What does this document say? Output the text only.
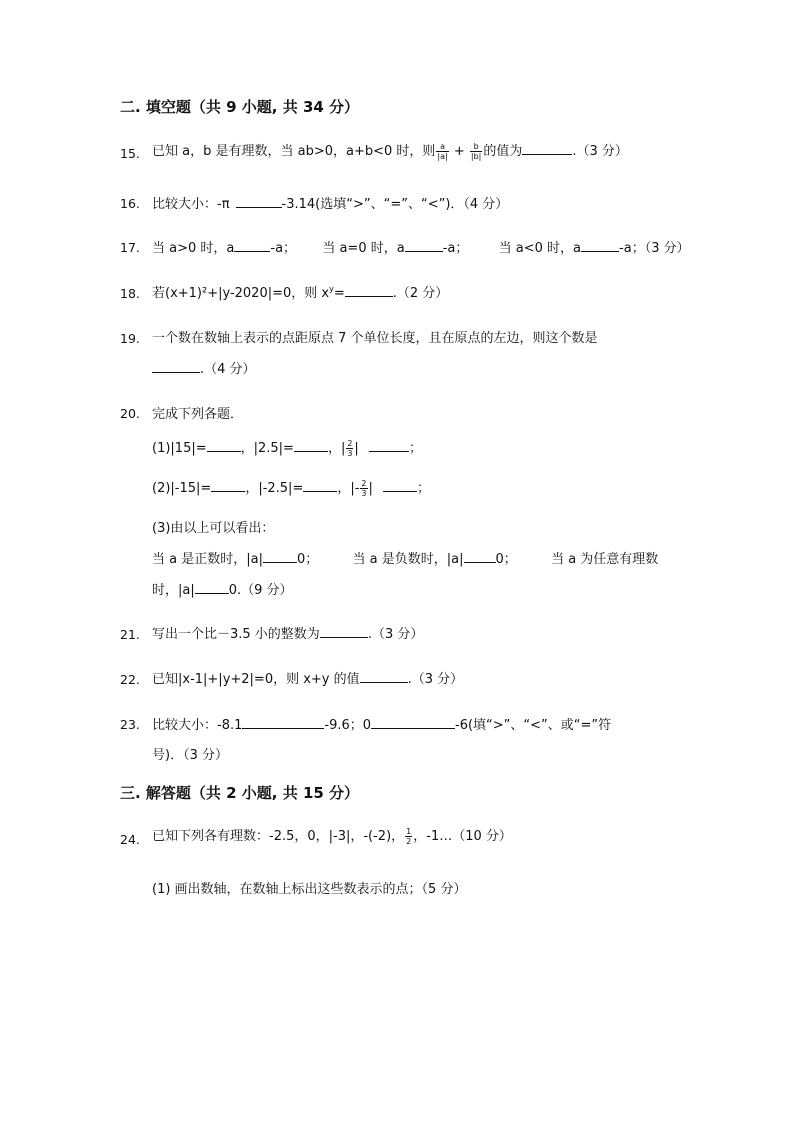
二. 填空题（共 9 小题, 共 34 分）
15. 已知 a，b 是有理数，当 ab>0，a+b<0 时，则 $\frac{a}{|a|} + \frac{b}{|b|}$ 的值为	.（3 分）
16. 比较大小：-π	-3.14(选填“>”、“=”、“<”)．（4 分）
17. 当 a>0 时，a	-a； 当 a=0 时，a	-a； 当 a<0 时，a	-a；（3 分）
18. 若(x+1)²+|y-2020|=0，则 $x^y=$	.（2 分）
19. 一个数在数轴上表示的点距原点 7 个单位长度，且在原点的左边，则这个数是
.（4 分）
20. 完成下列各题．
(1)|15|=	，|2.5|=	，| $\frac{2}{3}$ |	；
(2)|-15|=	，|-2.5|=	，|- $\frac{2}{3}$ |	；
(3)由以上可以看出：
当 a 是正数时，|a|	0；	当 a 是负数时，|a| 0；	当 a 为任意有理数
时，|a|	0.（9 分）
21. 写出一个比－3.5 小的整数为	.（3 分）
22. 已知|x-1|+|y+2|=0，则 x+y 的值	.（3 分）
23. 比较大小：-8.1	-9.6；0	-6(填“>”、“<”、或“=”符
号)．（3 分）
三. 解答题（共 2 小题, 共 15 分）
24. 已知下列各有理数：-2.5，0，|-3|，-(-2)， $\frac{1}{2}$ ，-1…（10 分）
(1) 画出数轴，在数轴上标出这些数表示的点；（5 分）
